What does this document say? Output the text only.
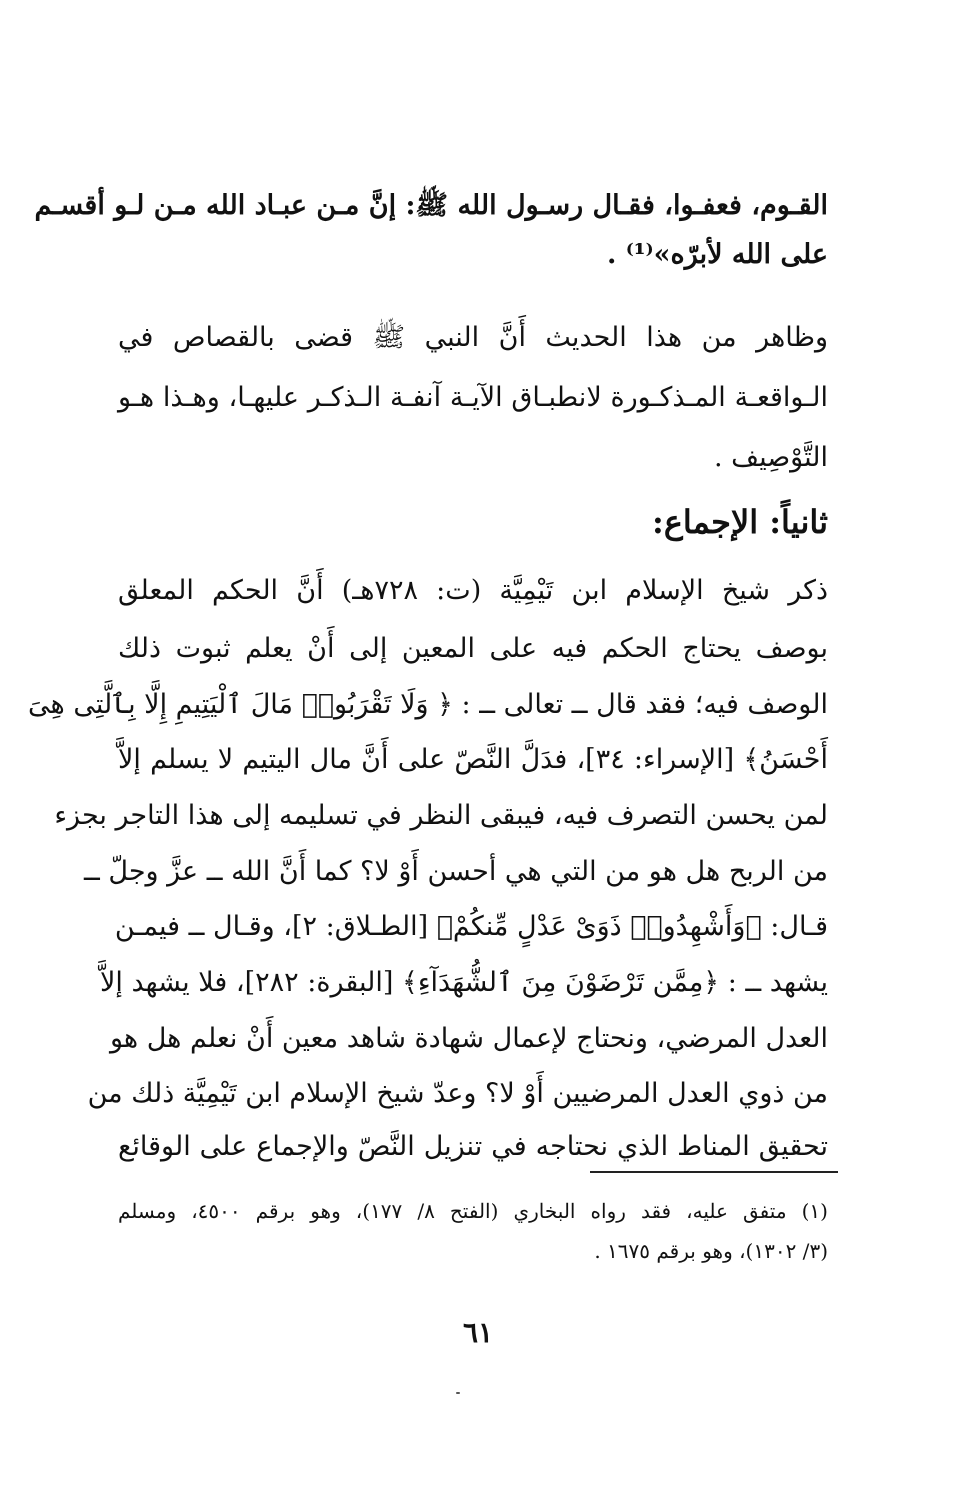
القـوم، فعفـوا، فقـال رسـول الله ﷺ: إنَّ مـن عبـاد الله مـن لـو أقسـم
على الله لأبرّه»⁽¹⁾ .
وظاهر من هذا الحديث أَنَّ النبي ﷺ قضى بالقصاص في
الـواقعـة المـذكـورة لانطبـاق الآيـة آنفـة الـذكـر عليهـا، وهـذا هـو
التَّوْصِيف .
ثانياً: الإجماع:
ذكر شيخ الإسلام ابن تَيْمِيَّة (ت: ٧٢٨هـ) أَنَّ الحكم المعلق
بوصف يحتاج الحكم فيه على المعين إلى أَنْ يعلم ثبوت ذلك
الوصف فيه؛ فقد قال ــ تعالى ــ : ﴿ وَلَا تَقْرَبُوا۟ مَالَ ٱلْيَتِيمِ إِلَّا بِٱلَّتِى هِىَ
أَحْسَنُ﴾ [الإسراء: ٣٤]، فدَلَّ النَّصّ على أَنَّ مال اليتيم لا يسلم إلاَّ
لمن يحسن التصرف فيه، فيبقى النظر في تسليمه إلى هذا التاجر بجزء
من الربح هل هو من التي هي أحسن أَوْ لا؟ كما أَنَّ الله ــ عزَّ وجلّ ــ
قـال: ﴿وَأَشْهِدُوا۟ ذَوَىْ عَدْلٍ مِّنكُمْ﴾ [الطـلاق: ٢]، وقـال ــ فيمـن
يشهد ــ : ﴿مِمَّن تَرْضَوْنَ مِنَ ٱلشُّهَدَآءِ﴾ [البقرة: ٢٨٢]، فلا يشهد إلاَّ
العدل المرضي، ونحتاج لإعمال شهادة شاهد معين أَنْ نعلم هل هو
من ذوي العدل المرضيين أَوْ لا؟ وعدّ شيخ الإسلام ابن تَيْمِيَّة ذلك من
تحقيق المناط الذي نحتاجه في تنزيل النَّصّ والإجماع على الوقائع
(١) متفق عليه، فقد رواه البخاري (الفتح ٨/ ١٧٧)، وهو برقم ٤٥٠٠، ومسلم
(٣/ ١٣٠٢)، وهو برقم ١٦٧٥ .
٦١
